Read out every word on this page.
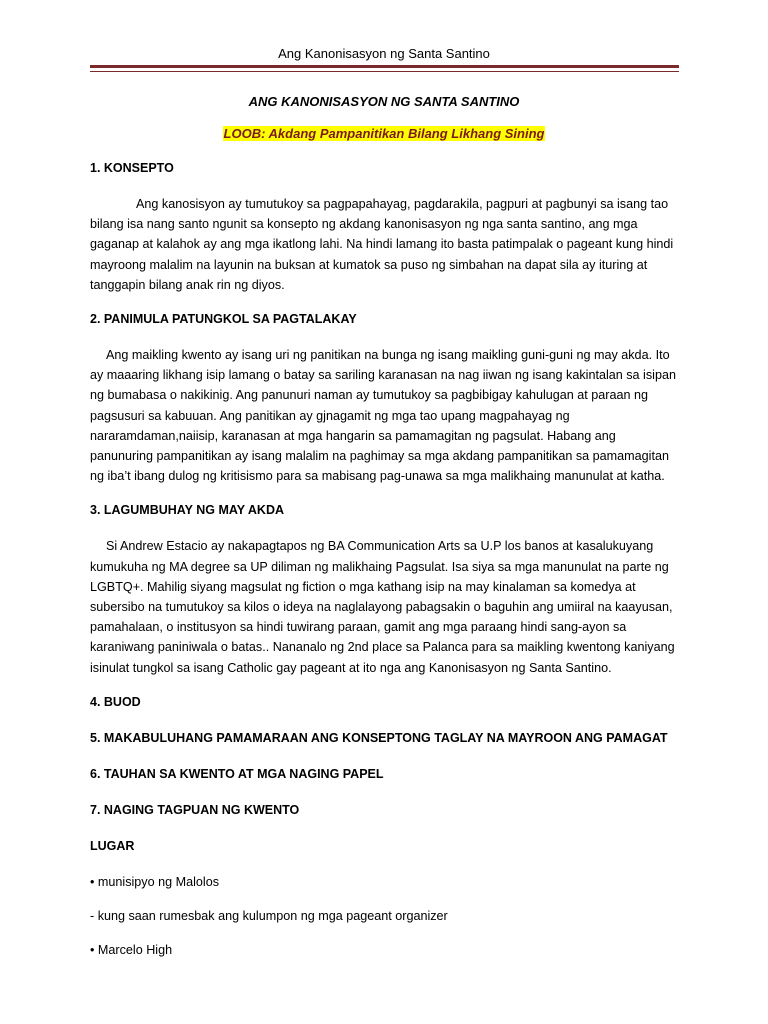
Ang Kanonisasyon ng Santa Santino
ANG KANONISASYON NG SANTA SANTINO
LOOB: Akdang Pampanitikan Bilang Likhang Sining
1. KONSEPTO

Ang kanosisyon ay tumutukoy sa pagpapahayag, pagdarakila, pagpuri at pagbunyi sa isang tao bilang isa nang santo ngunit sa konsepto ng akdang kanonisasyon ng nga santa santino, ang mga gaganap at kalahok ay ang mga ikatlong lahi. Na hindi lamang ito basta patimpalak o pageant kung hindi mayroong malalim na layunin na buksan at kumatok sa puso ng simbahan na dapat sila ay ituring at tanggapin bilang anak rin ng diyos.

2. PANIMULA PATUNGKOL SA PAGTALAKAY

Ang maikling kwento ay isang uri ng panitikan na bunga ng isang maikling guni-guni ng may akda. Ito ay maaaring likhang isip lamang o batay sa sariling karanasan na nag iiwan ng isang kakintalan sa isipan ng bumabasa o nakikinig. Ang panunuri naman ay tumutukoy sa pagbibigay kahulugan at paraan ng pagsusuri sa kabuuan. Ang panitikan ay gjnagamit ng mga tao upang magpahayag ng nararamdaman,naiisip, karanasan at mga hangarin sa pamamagitan ng pagsulat. Habang ang panunuring pampanitikan ay isang malalim na paghimay sa mga akdang pampanitikan sa pamamagitan ng iba’t ibang dulog ng kritisismo para sa mabisang pag-unawa sa mga malikhaing manunulat at katha.

3. LAGUMBUHAY NG MAY AKDA

Si Andrew Estacio ay nakapagtapos ng BA Communication Arts sa U.P los banos at kasalukuyang kumukuha ng MA degree sa UP diliman ng malikhaing Pagsulat. Isa siya sa mga manunulat na parte ng LGBTQ+. Mahilig siyang magsulat ng fiction o mga kathang isip na may kinalaman sa komedya at subersibo na tumutukoy sa kilos o ideya na naglalayong pabagsakin o baguhin ang umiiral na kaayusan, pamahalaan, o institusyon sa hindi tuwirang paraan, gamit ang mga paraang hindi sang-ayon sa karaniwang paniniwala o batas.. Nananalo ng 2nd place sa Palanca para sa maikling kwentong kaniyang isinulat tungkol sa isang Catholic gay pageant at ito nga ang Kanonisasyon ng Santa Santino.

4. BUOD
5. MAKABULUHANG PAMAMARAAN ANG KONSEPTONG TAGLAY NA MAYROON ANG PAMAGAT
6. TAUHAN SA KWENTO AT MGA NAGING PAPEL
7. NAGING TAGPUAN NG KWENTO
LUGAR
• munisipyo ng Malolos
- kung saan rumesbak ang kulumpon ng mga pageant organizer
• Marcelo High
